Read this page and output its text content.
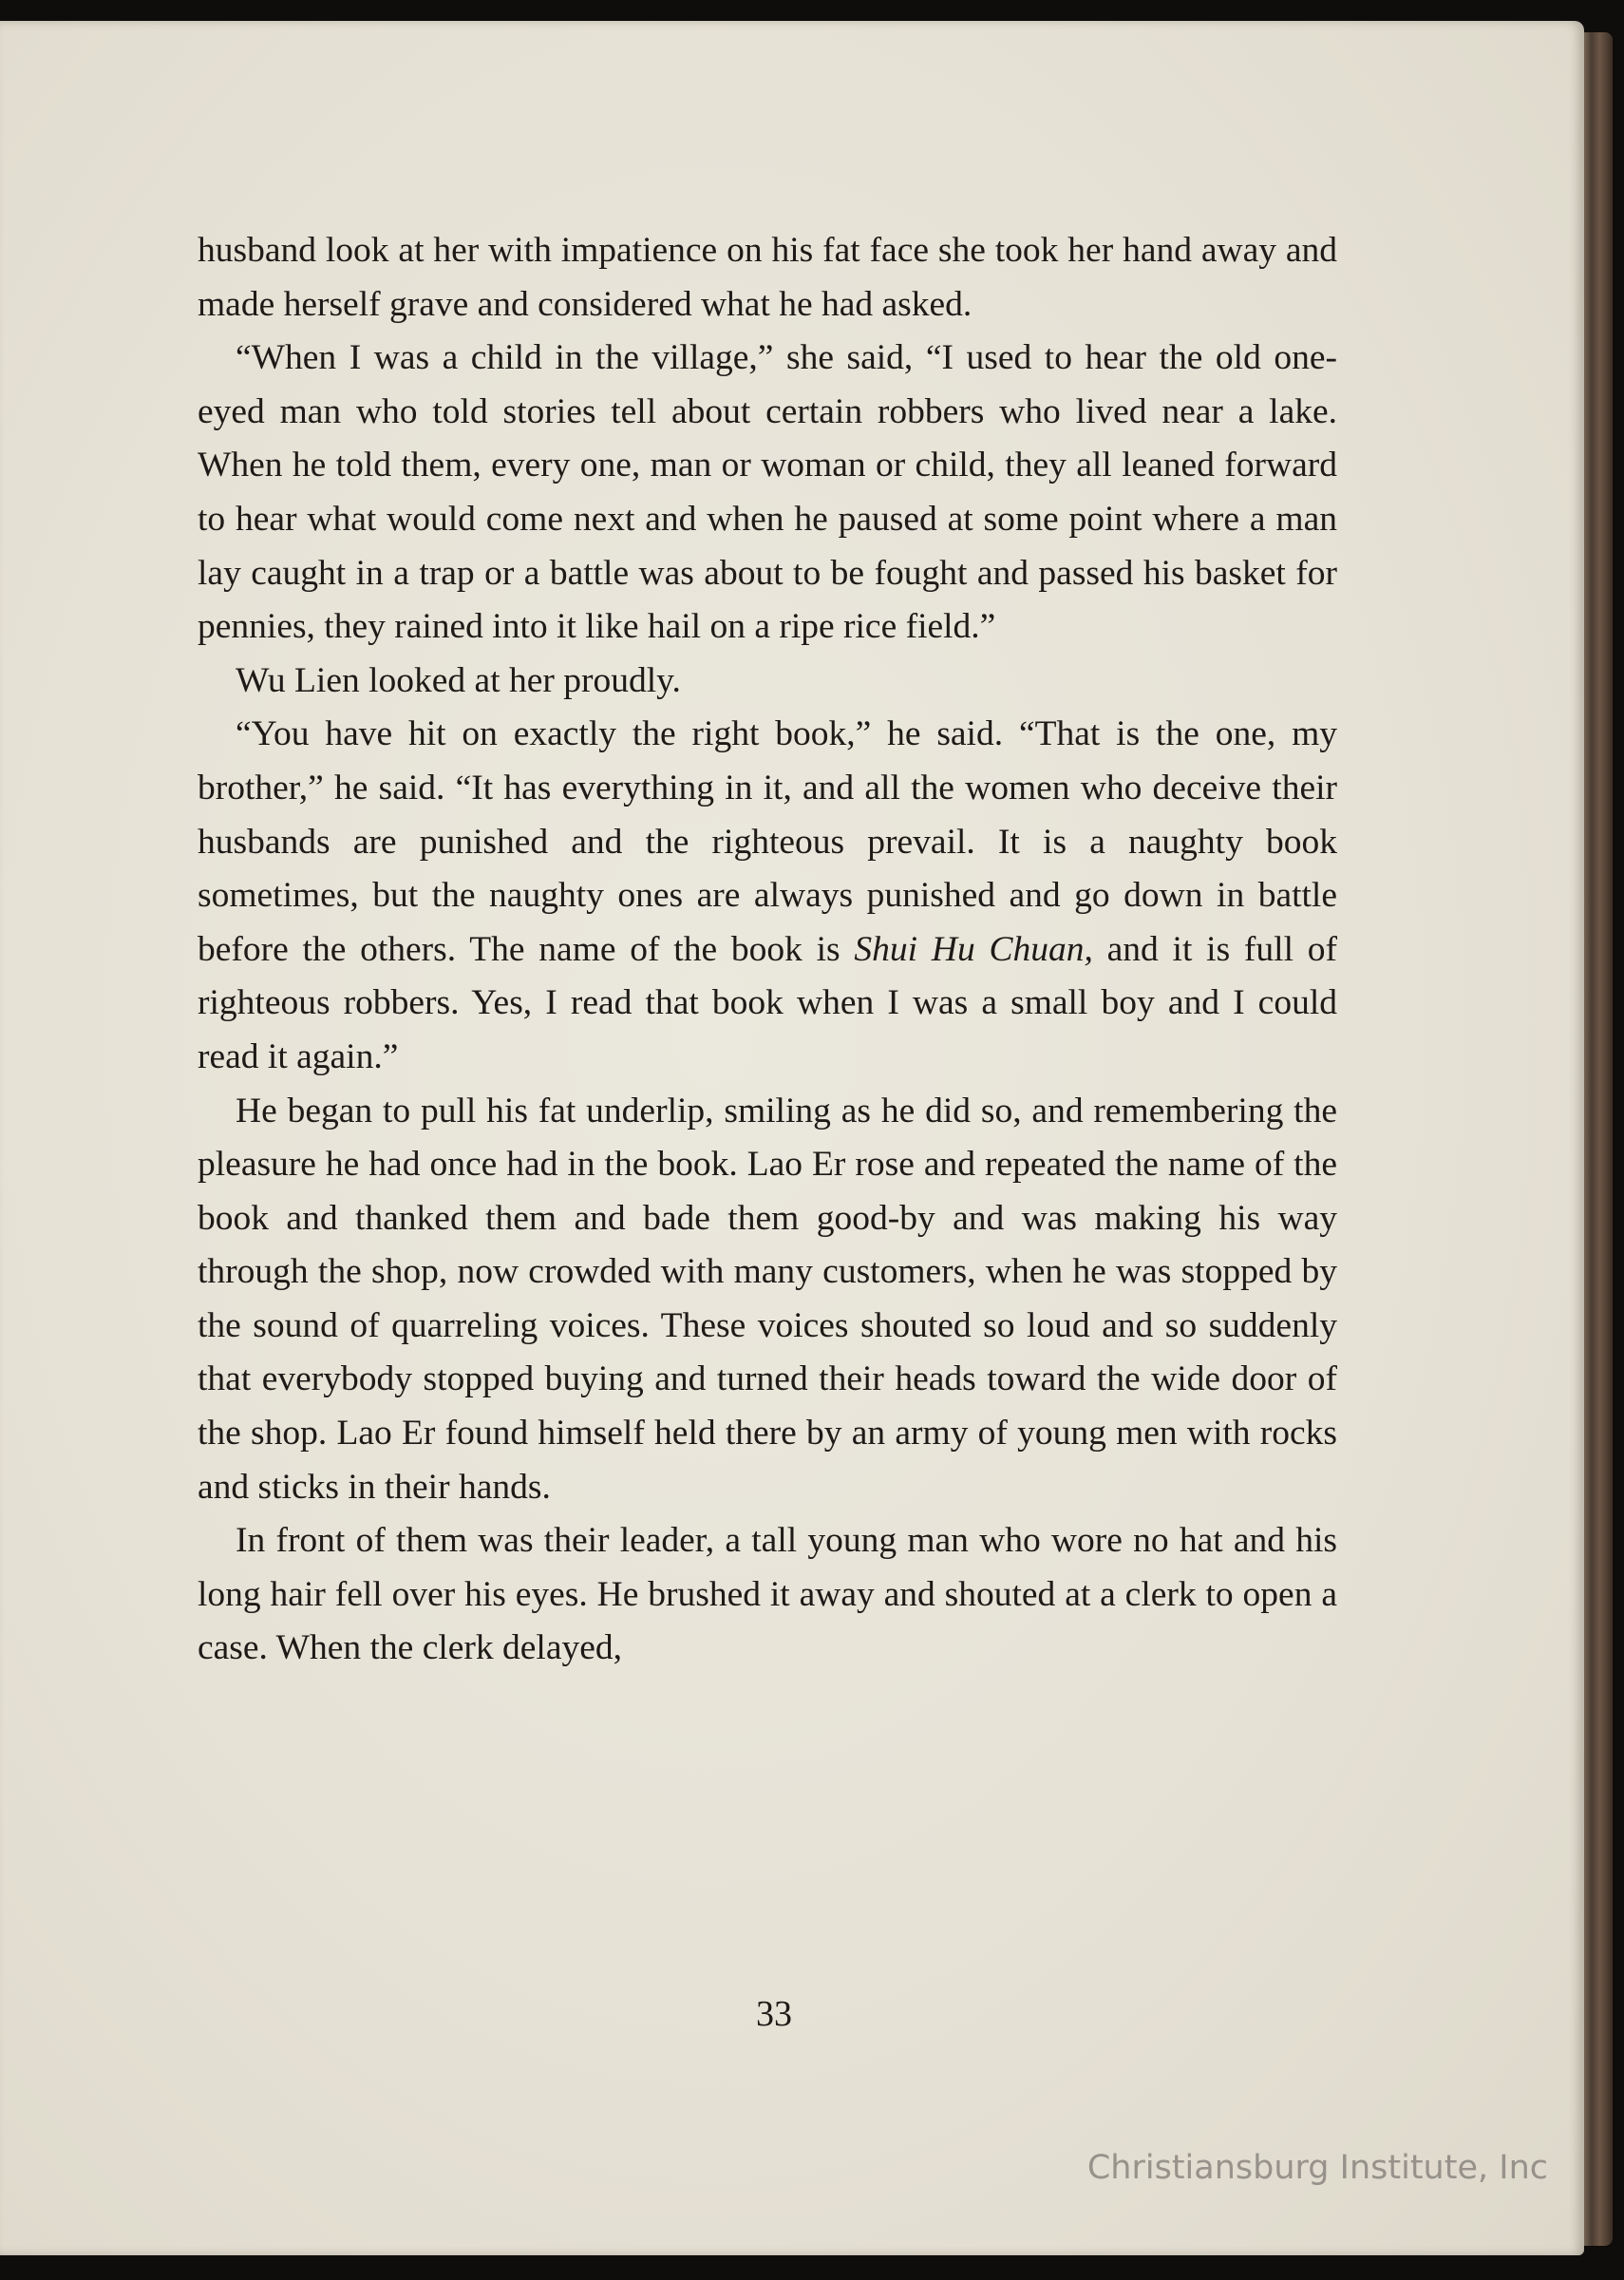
husband look at her with impatience on his fat face she took her hand away and made herself grave and considered what he had asked.

“When I was a child in the village,” she said, “I used to hear the old one-eyed man who told stories tell about certain robbers who lived near a lake. When he told them, every one, man or woman or child, they all leaned forward to hear what would come next and when he paused at some point where a man lay caught in a trap or a battle was about to be fought and passed his basket for pennies, they rained into it like hail on a ripe rice field.”

Wu Lien looked at her proudly.

“You have hit on exactly the right book,” he said. “That is the one, my brother,” he said. “It has everything in it, and all the women who deceive their husbands are punished and the righteous prevail. It is a naughty book sometimes, but the naughty ones are always punished and go down in battle before the others. The name of the book is Shui Hu Chuan, and it is full of righteous robbers. Yes, I read that book when I was a small boy and I could read it again.”

He began to pull his fat underlip, smiling as he did so, and remembering the pleasure he had once had in the book. Lao Er rose and repeated the name of the book and thanked them and bade them good-by and was making his way through the shop, now crowded with many customers, when he was stopped by the sound of quarreling voices. These voices shouted so loud and so suddenly that everybody stopped buying and turned their heads toward the wide door of the shop. Lao Er found himself held there by an army of young men with rocks and sticks in their hands.

In front of them was their leader, a tall young man who wore no hat and his long hair fell over his eyes. He brushed it away and shouted at a clerk to open a case. When the clerk delayed,

33
Christiansburg Institute, Inc
